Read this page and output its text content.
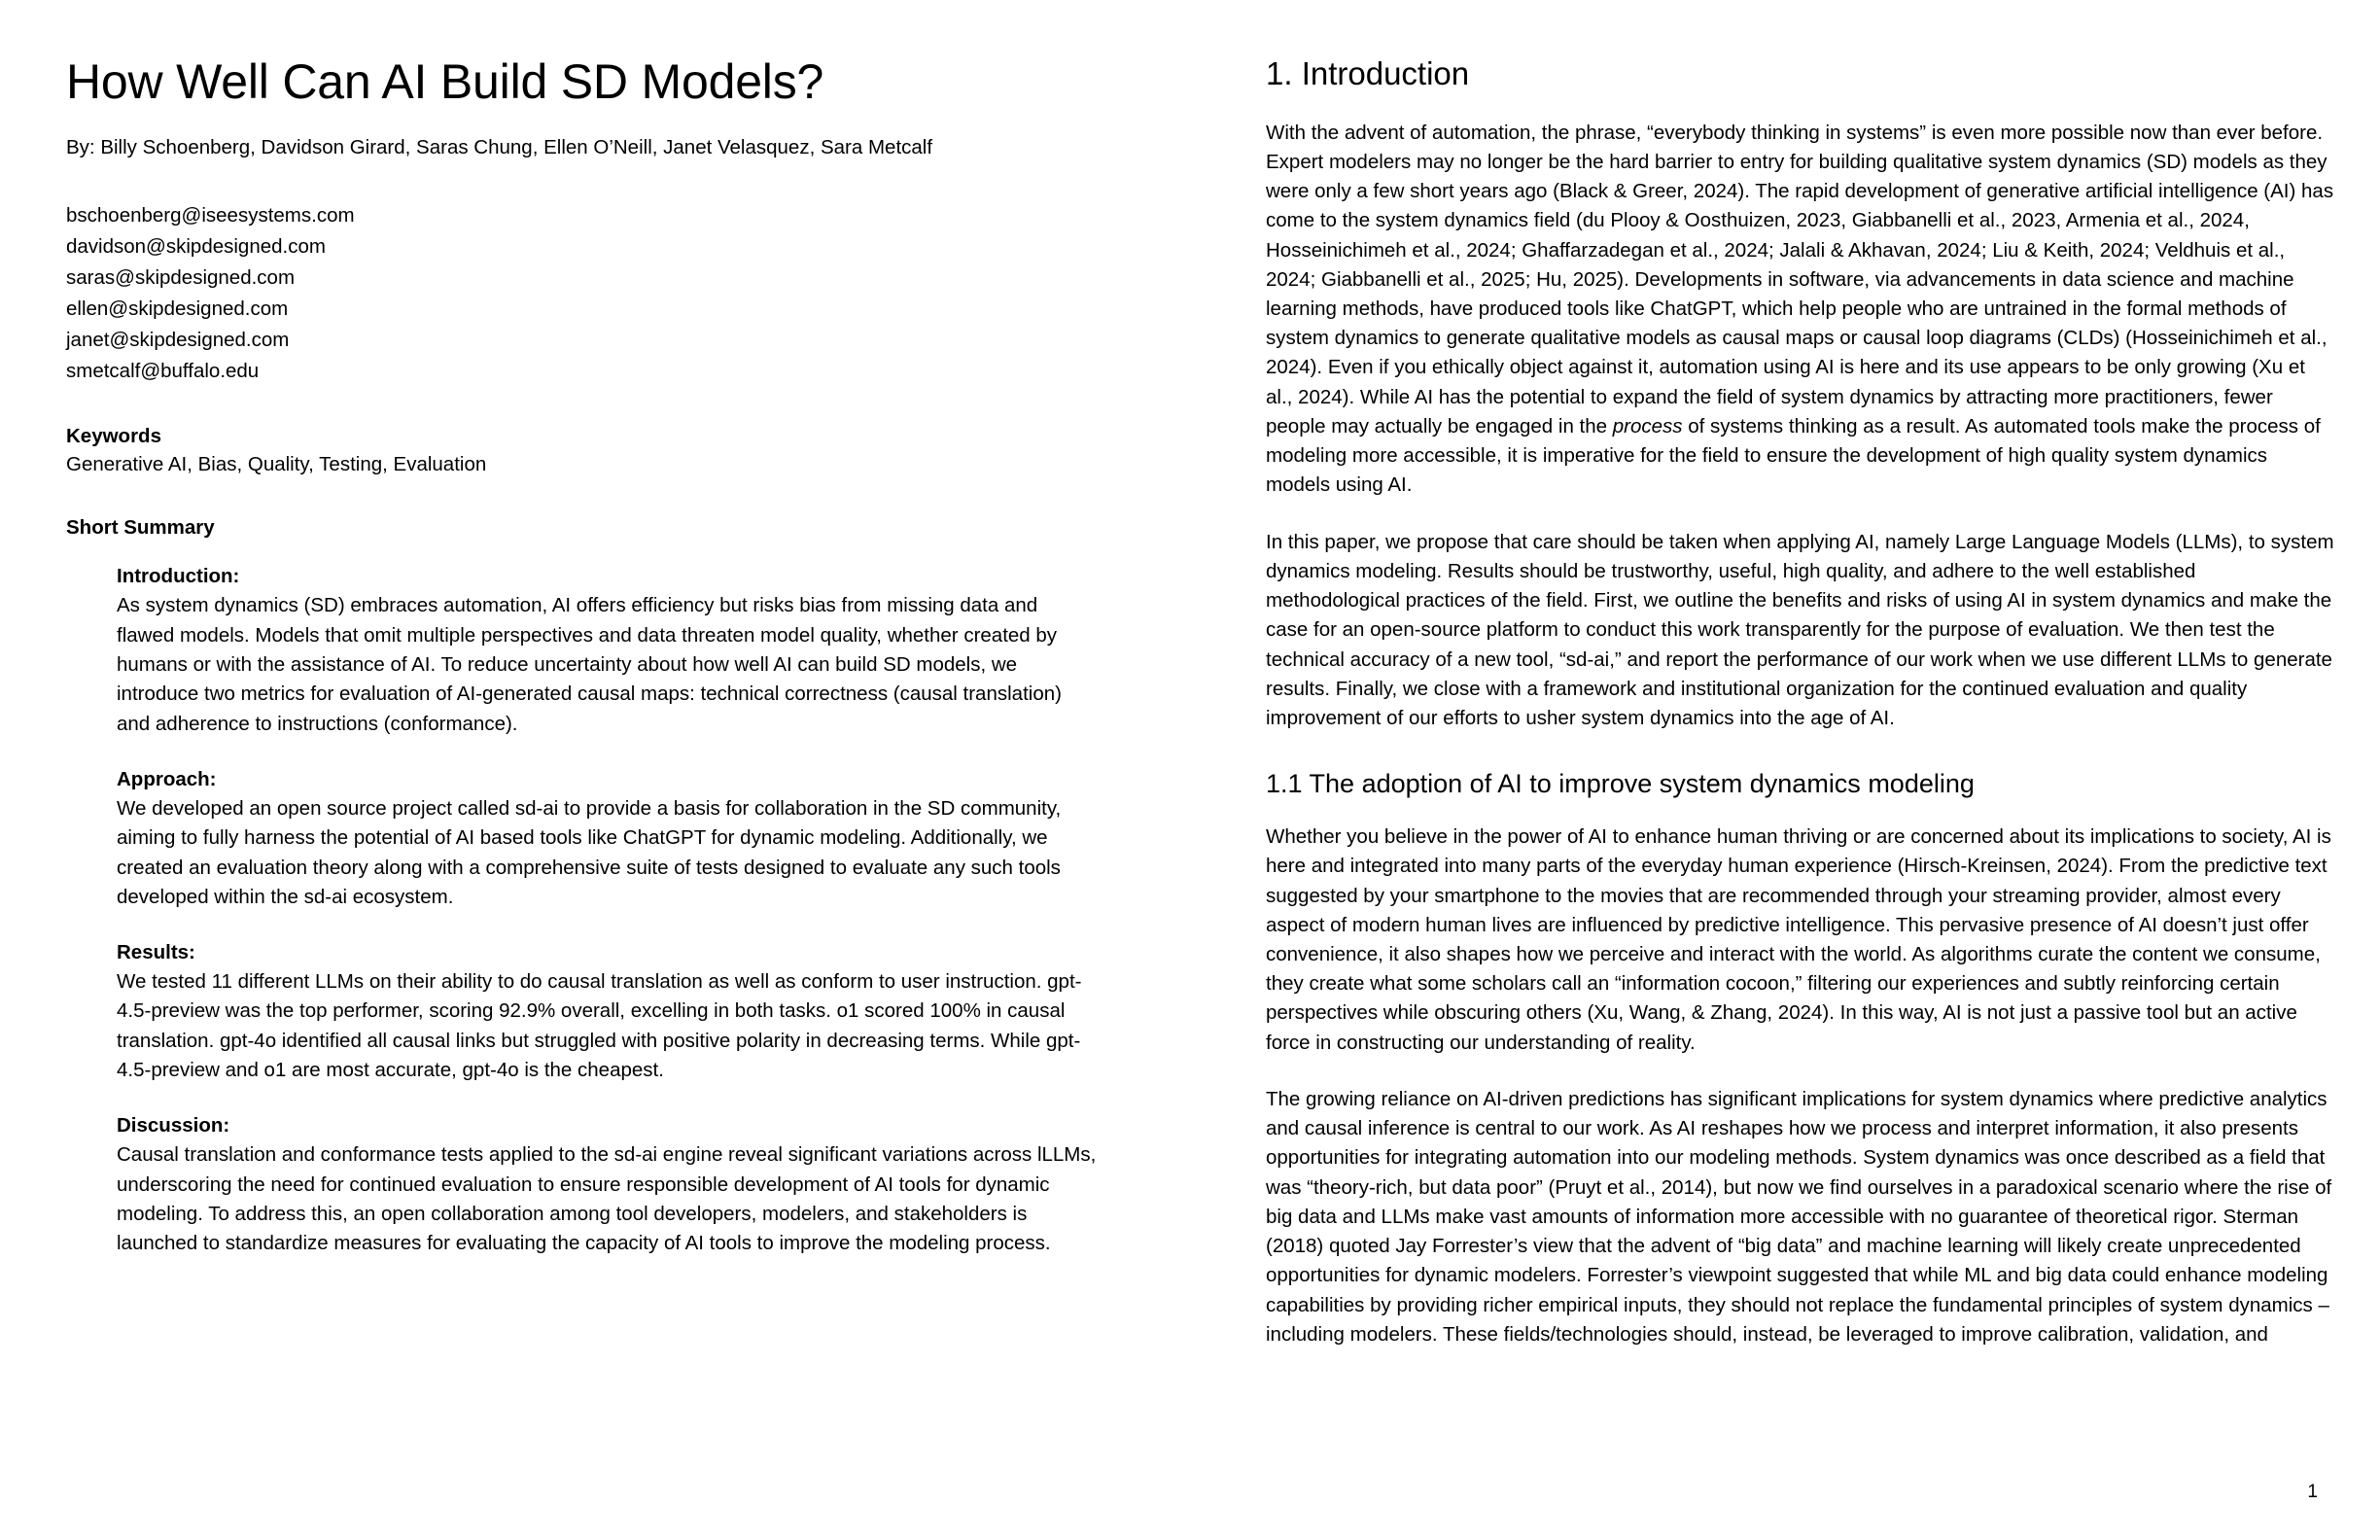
How Well Can AI Build SD Models?

By: Billy Schoenberg, Davidson Girard, Saras Chung, Ellen O’Neill, Janet Velasquez, Sara Metcalf

bschoenberg@iseesystems.com
davidson@skipdesigned.com
saras@skipdesigned.com
ellen@skipdesigned.com
janet@skipdesigned.com
smetcalf@buffalo.edu

Keywords

Generative AI, Bias, Quality, Testing, Evaluation

Short Summary

Introduction:

As system dynamics (SD) embraces automation, AI offers efficiency but risks bias from missing data and flawed models. Models that omit multiple perspectives and data threaten model quality, whether created by humans or with the assistance of AI. To reduce uncertainty about how well AI can build SD models, we introduce two metrics for evaluation of AI-generated causal maps: technical correctness (causal translation) and adherence to instructions (conformance).

Approach:

We developed an open source project called sd-ai to provide a basis for collaboration in the SD community, aiming to fully harness the potential of AI based tools like ChatGPT for dynamic modeling. Additionally, we created an evaluation theory along with a comprehensive suite of tests designed to evaluate any such tools developed within the sd-ai ecosystem.

Results:

We tested 11 different LLMs on their ability to do causal translation as well as conform to user instruction. gpt-4.5-preview was the top performer, scoring 92.9% overall, excelling in both tasks. o1 scored 100% in causal translation. gpt-4o identified all causal links but struggled with positive polarity in decreasing terms. While gpt-4.5-preview and o1 are most accurate, gpt-4o is the cheapest.

Discussion:

Causal translation and conformance tests applied to the sd-ai engine reveal significant variations across lLLMs, underscoring the need for continued evaluation to ensure responsible development of AI tools for dynamic modeling. To address this, an open collaboration among tool developers, modelers, and stakeholders is launched to standardize measures for evaluating the capacity of AI tools to improve the modeling process.

1. Introduction

With the advent of automation, the phrase, “everybody thinking in systems” is even more possible now than ever before. Expert modelers may no longer be the hard barrier to entry for building qualitative system dynamics (SD) models as they were only a few short years ago (Black & Greer, 2024). The rapid development of generative artificial intelligence (AI) has come to the system dynamics field (du Plooy & Oosthuizen, 2023, Giabbanelli et al., 2023, Armenia et al., 2024, Hosseinichimeh et al., 2024; Ghaffarzadegan et al., 2024; Jalali & Akhavan, 2024; Liu & Keith, 2024; Veldhuis et al., 2024; Giabbanelli et al., 2025; Hu, 2025). Developments in software, via advancements in data science and machine learning methods, have produced tools like ChatGPT, which help people who are untrained in the formal methods of system dynamics to generate qualitative models as causal maps or causal loop diagrams (CLDs) (Hosseinichimeh et al., 2024). Even if you ethically object against it, automation using AI is here and its use appears to be only growing (Xu et al., 2024). While AI has the potential to expand the field of system dynamics by attracting more practitioners, fewer people may actually be engaged in the process of systems thinking as a result. As automated tools make the process of modeling more accessible, it is imperative for the field to ensure the development of high quality system dynamics models using AI.

In this paper, we propose that care should be taken when applying AI, namely Large Language Models (LLMs), to system dynamics modeling. Results should be trustworthy, useful, high quality, and adhere to the well established methodological practices of the field. First, we outline the benefits and risks of using AI in system dynamics and make the case for an open-source platform to conduct this work transparently for the purpose of evaluation. We then test the technical accuracy of a new tool, “sd-ai,” and report the performance of our work when we use different LLMs to generate results. Finally, we close with a framework and institutional organization for the continued evaluation and quality improvement of our efforts to usher system dynamics into the age of AI.

1.1 The adoption of AI to improve system dynamics modeling

Whether you believe in the power of AI to enhance human thriving or are concerned about its implications to society, AI is here and integrated into many parts of the everyday human experience (Hirsch-Kreinsen, 2024). From the predictive text suggested by your smartphone to the movies that are recommended through your streaming provider, almost every aspect of modern human lives are influenced by predictive intelligence. This pervasive presence of AI doesn’t just offer convenience, it also shapes how we perceive and interact with the world. As algorithms curate the content we consume, they create what some scholars call an “information cocoon,” filtering our experiences and subtly reinforcing certain perspectives while obscuring others (Xu, Wang, & Zhang, 2024). In this way, AI is not just a passive tool but an active force in constructing our understanding of reality.

The growing reliance on AI-driven predictions has significant implications for system dynamics where predictive analytics and causal inference is central to our work. As AI reshapes how we process and interpret information, it also presents opportunities for integrating automation into our modeling methods. System dynamics was once described as a field that was “theory-rich, but data poor” (Pruyt et al., 2014), but now we find ourselves in a paradoxical scenario where the rise of big data and LLMs make vast amounts of information more accessible with no guarantee of theoretical rigor. Sterman (2018) quoted Jay Forrester’s view that the advent of “big data” and machine learning will likely create unprecedented opportunities for dynamic modelers. Forrester’s viewpoint suggested that while ML and big data could enhance modeling capabilities by providing richer empirical inputs, they should not replace the fundamental principles of system dynamics – including modelers. These fields/technologies should, instead, be leveraged to improve calibration, validation, and

1
